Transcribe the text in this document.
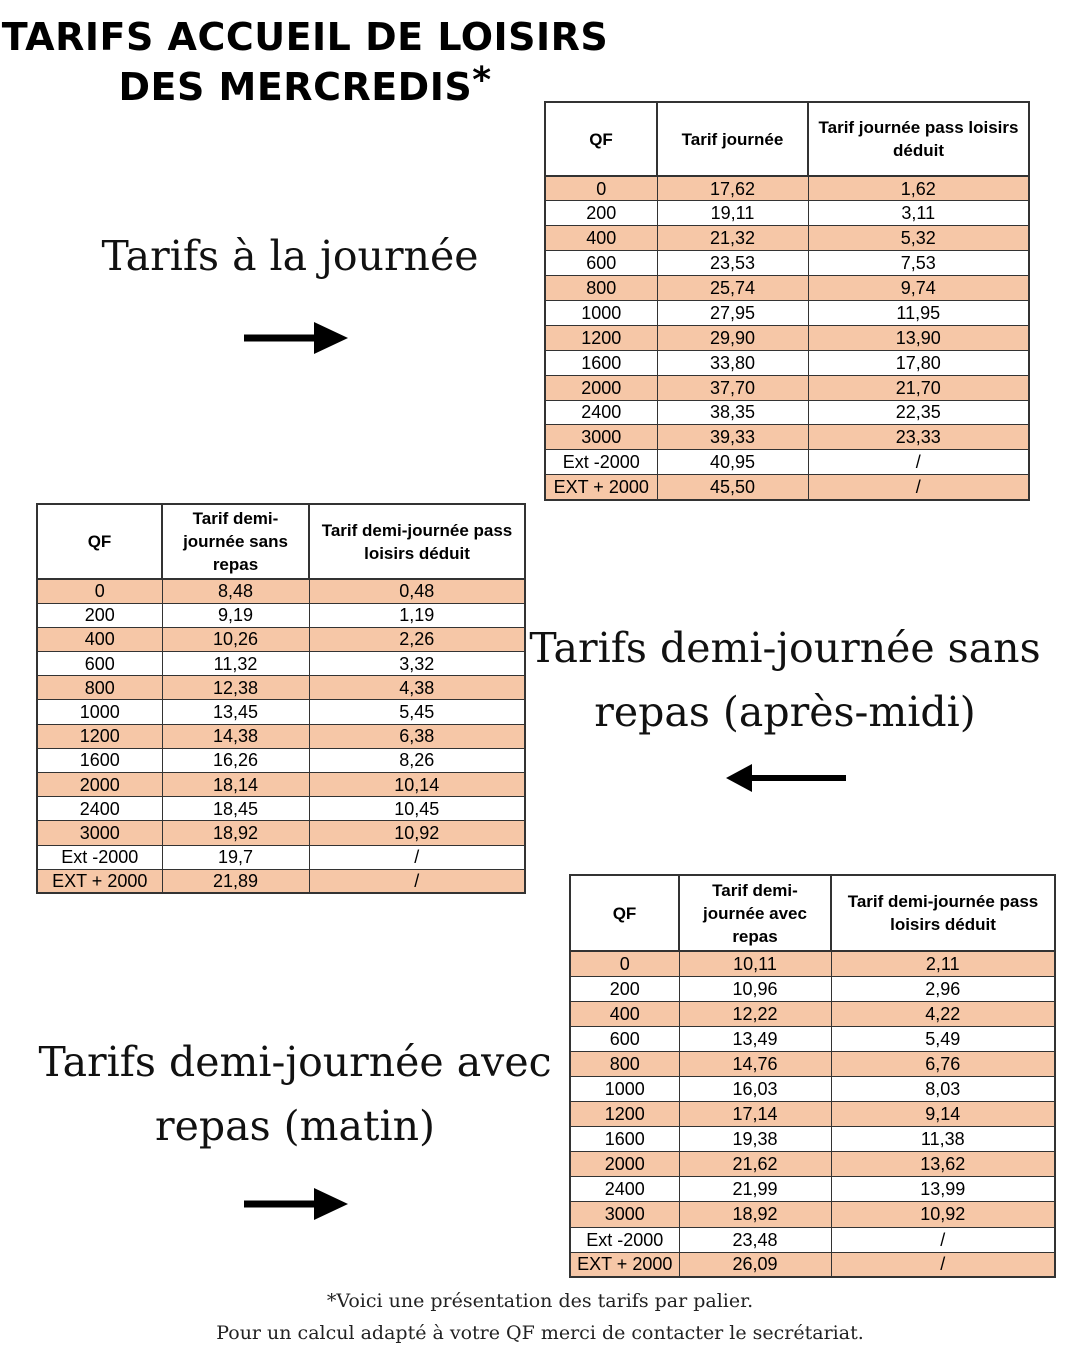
TARIFS ACCUEIL DE LOISIRS
DES MERCREDIS*
Tarifs à la journée
Tarifs demi-journée sans
repas (après-midi)
Tarifs demi-journée avec
repas (matin)
QF	Tarif journée	Tarif journée pass loisirs déduit
0	17,62	1,62
200	19,11	3,11
400	21,32	5,32
600	23,53	7,53
800	25,74	9,74
1000	27,95	11,95
1200	29,90	13,90
1600	33,80	17,80
2000	37,70	21,70
2400	38,35	22,35
3000	39,33	23,33
Ext -2000	40,95	/
EXT + 2000	45,50	/
QF	Tarif demi-journée sans repas	Tarif demi-journée pass loisirs déduit
0	8,48	0,48
200	9,19	1,19
400	10,26	2,26
600	11,32	3,32
800	12,38	4,38
1000	13,45	5,45
1200	14,38	6,38
1600	16,26	8,26
2000	18,14	10,14
2400	18,45	10,45
3000	18,92	10,92
Ext -2000	19,7	/
EXT + 2000	21,89	/
QF	Tarif demi-journée avec repas	Tarif demi-journée pass loisirs déduit
0	10,11	2,11
200	10,96	2,96
400	12,22	4,22
600	13,49	5,49
800	14,76	6,76
1000	16,03	8,03
1200	17,14	9,14
1600	19,38	11,38
2000	21,62	13,62
2400	21,99	13,99
3000	18,92	10,92
Ext -2000	23,48	/
EXT + 2000	26,09	/
*Voici une présentation des tarifs par palier.
Pour un calcul adapté à votre QF merci de contacter le secrétariat.
